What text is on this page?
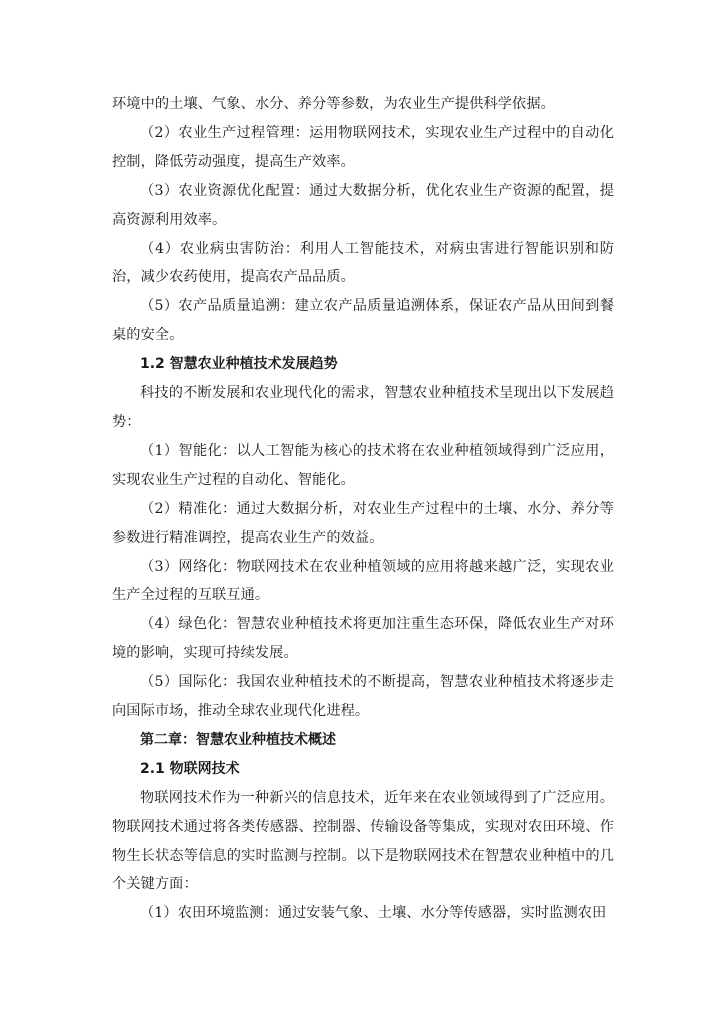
环境中的土壤、气象、水分、养分等参数，为农业生产提供科学依据。

（2）农业生产过程管理：运用物联网技术，实现农业生产过程中的自动化控制，降低劳动强度，提高生产效率。

（3）农业资源优化配置：通过大数据分析，优化农业生产资源的配置，提高资源利用效率。

（4）农业病虫害防治：利用人工智能技术，对病虫害进行智能识别和防治，减少农药使用，提高农产品品质。

（5）农产品质量追溯：建立农产品质量追溯体系，保证农产品从田间到餐桌的安全。

1.2 智慧农业种植技术发展趋势

科技的不断发展和农业现代化的需求，智慧农业种植技术呈现出以下发展趋势：

（1）智能化：以人工智能为核心的技术将在农业种植领域得到广泛应用，实现农业生产过程的自动化、智能化。

（2）精准化：通过大数据分析，对农业生产过程中的土壤、水分、养分等参数进行精准调控，提高农业生产的效益。

（3）网络化：物联网技术在农业种植领域的应用将越来越广泛，实现农业生产全过程的互联互通。

（4）绿色化：智慧农业种植技术将更加注重生态环保，降低农业生产对环境的影响，实现可持续发展。

（5）国际化：我国农业种植技术的不断提高，智慧农业种植技术将逐步走向国际市场，推动全球农业现代化进程。

第二章：智慧农业种植技术概述
2.1 物联网技术

物联网技术作为一种新兴的信息技术，近年来在农业领域得到了广泛应用。物联网技术通过将各类传感器、控制器、传输设备等集成，实现对农田环境、作物生长状态等信息的实时监测与控制。以下是物联网技术在智慧农业种植中的几个关键方面：

（1）农田环境监测：通过安装气象、土壤、水分等传感器，实时监测农田
